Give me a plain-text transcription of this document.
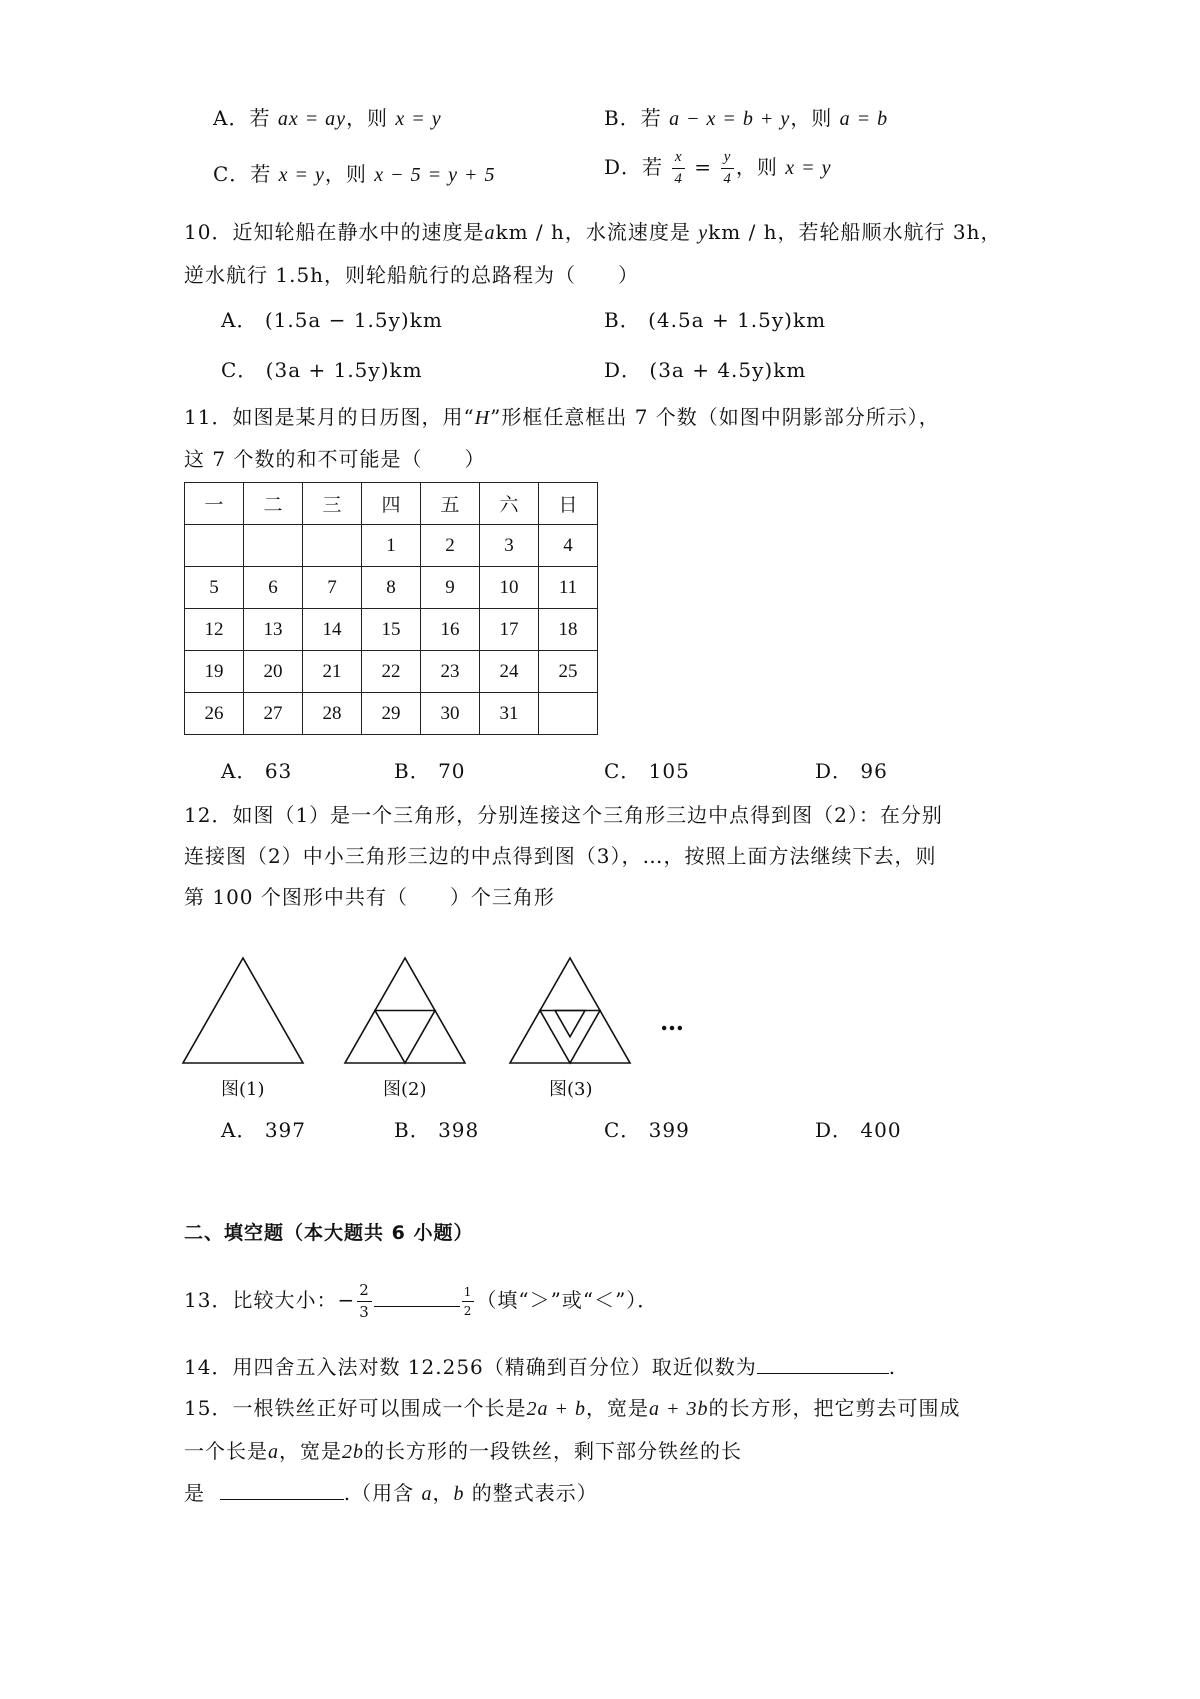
A．若 ax = ay，则 x = y	B．若 a − x = b + y，则 a = b
C．若 x = y，则 x − 5 = y + 5	D．若 $\frac{x}{4} = \frac{y}{4}$ ，则 x = y
10．近知轮船在静水中的速度是akm / h，水流速度是 ykm / h，若轮船顺水航行 3h，
逆水航行 1.5h，则轮船航行的总路程为（　　）
A． (1.5a − 1.5y)km	B． (4.5a + 1.5y)km
C． (3a + 1.5y)km	D． (3a + 4.5y)km
11．如图是某月的日历图，用“H”形框任意框出 7 个数（如图中阴影部分所示），
这 7 个数的和不可能是（　　）
一	二	三	四	五	六	日
			1	2	3	4
5	6	7	8	9	10	11
12	13	14	15	16	17	18
19	20	21	22	23	24	25
26	27	28	29	30	31	
A． 63	B． 70	C． 105	D． 96
12．如图（1）是一个三角形，分别连接这个三角形三边中点得到图（2）：在分别
连接图（2）中小三角形三边的中点得到图（3），…，按照上面方法继续下去，则
第 100 个图形中共有（　　）个三角形
…
图(1)	图(2)	图(3)
A． 397	B． 398	C． 399	D． 400
二、填空题（本大题共 6 小题）
13．比较大小：− $\frac{2}{3}$	$\frac{1}{2}$ （填“＞”或“＜”）．
14．用四舍五入法对数 12.256（精确到百分位）取近似数为	.
15．一根铁丝正好可以围成一个长是2a + b，宽是a + 3b的长方形，把它剪去可围成
一个长是a，宽是2b的长方形的一段铁丝，剩下部分铁丝的长
是	.（用含 a，b 的整式表示）
